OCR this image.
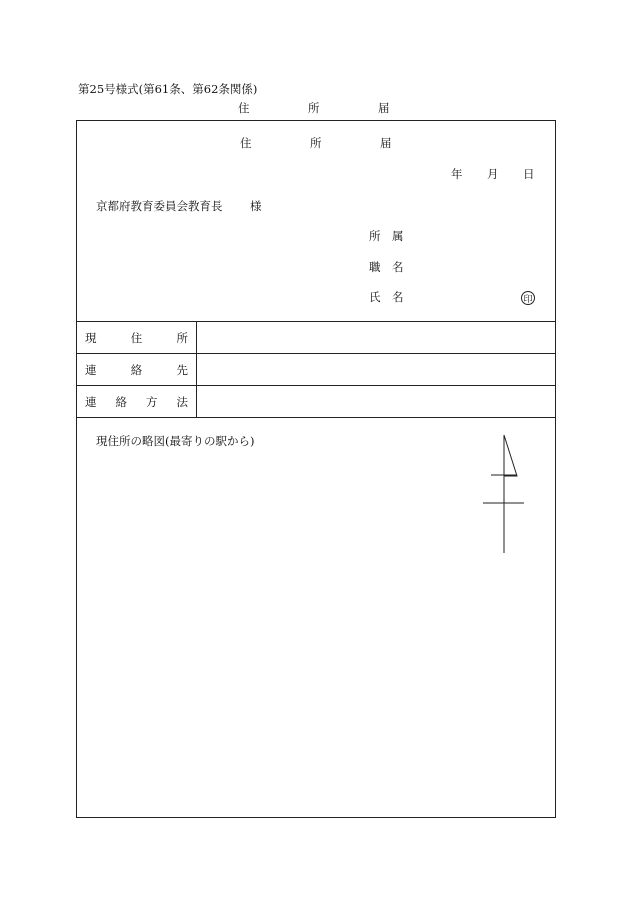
第25号様式(第61条、第62条関係)
住	所	届
住	所	届
年 月 日
京都府教育委員会教育長 様
所 属
職 名
氏 名	印
現	住	所
連	絡	先
連 絡 方 法
現住所の略図(最寄りの駅から)
